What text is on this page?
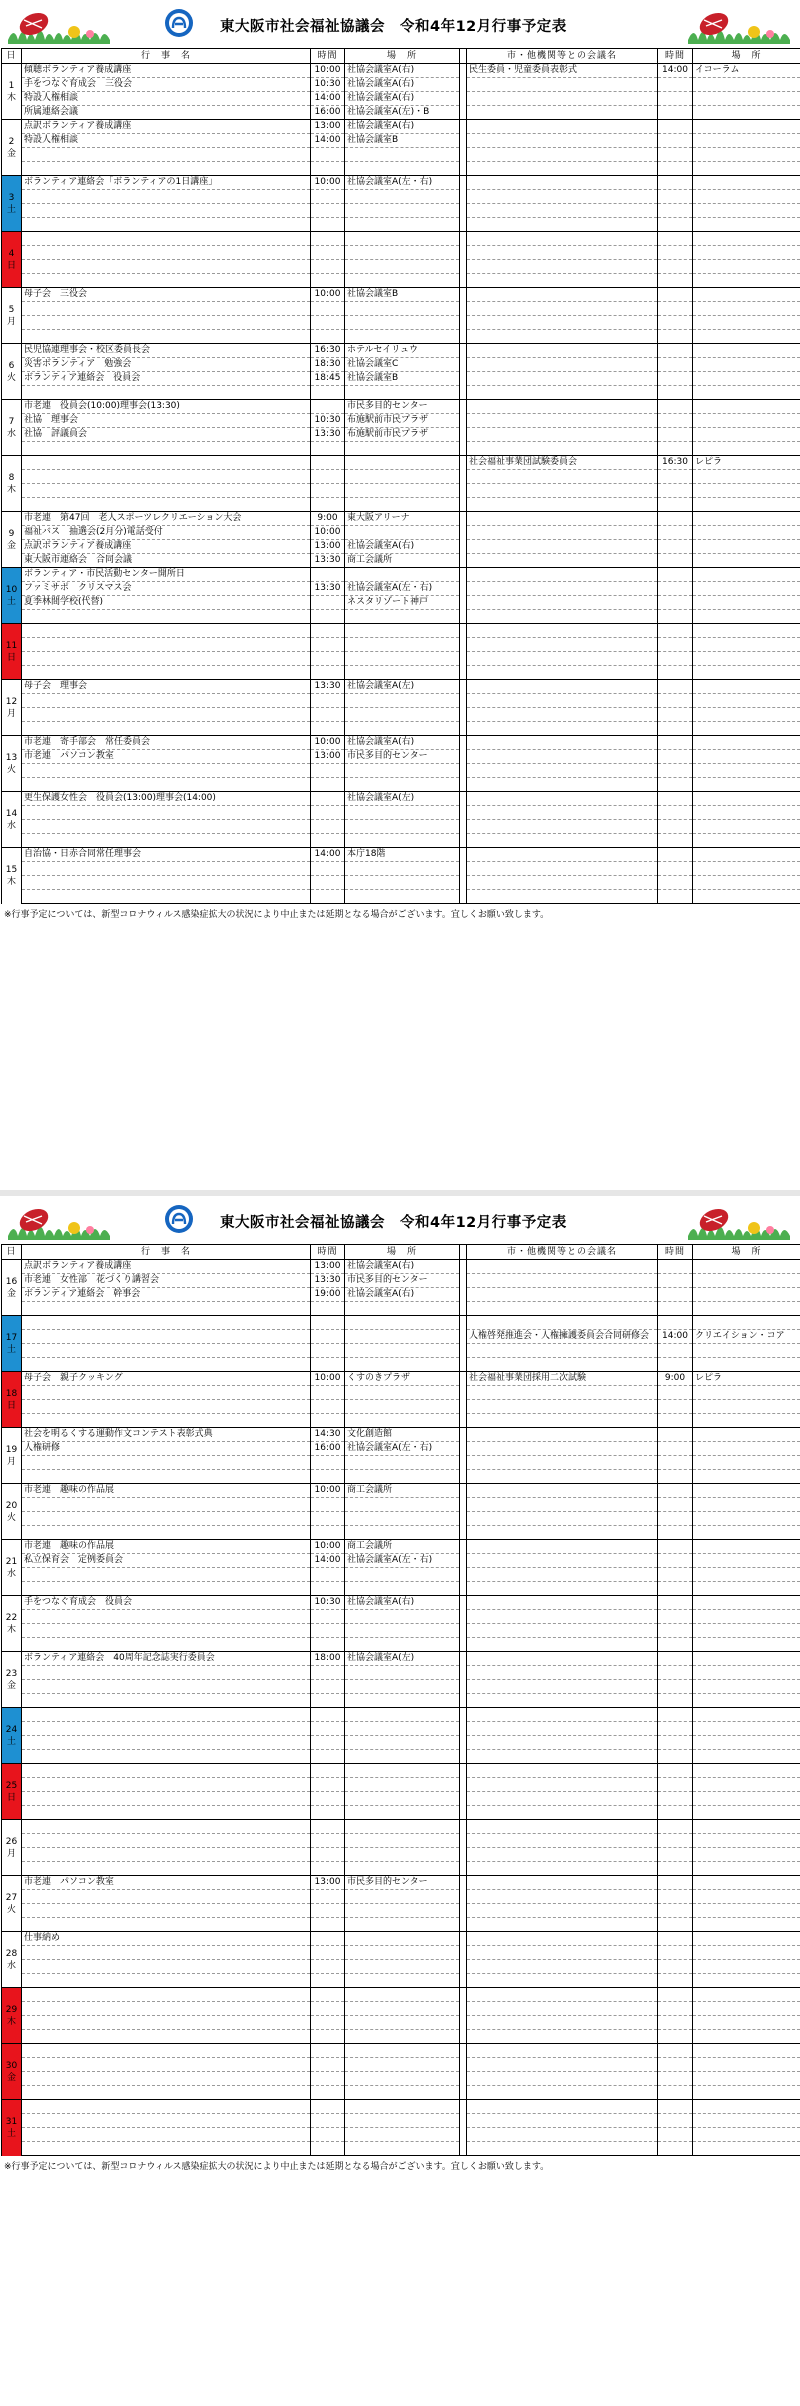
東大阪市社会福祉協議会　令和4年12月行事予定表
日	行　事　名	時間	場　所		市・他機関等との会議名	時間	場　所
1
木	傾聴ボランティア養成講座	10:00	社協会議室A(右)		民生委員・児童委員表彰式	14:00	イコーラム
	手をつなぐ育成会　三役会	10:30	社協会議室A(右)				
	特設人権相談	14:00	社協会議室A(右)				
	所属連絡会議	16:00	社協会議室A(左)・B				
2
金	点訳ボランティア養成講座	13:00	社協会議室A(右)				
	特設人権相談	14:00	社協会議室B				

3
土	ボランティア連絡会「ボランティアの1日講座」	10:00	社協会議室A(左・右)				

4
日							

5
月	母子会　三役会	10:00	社協会議室B				

6
火	民児協連理事会・校区委員長会	16:30	ホテルセイリュウ				
	災害ボランティア　勉強会	18:30	社協会議室C				
	ボランティア連絡会　役員会	18:45	社協会議室B				

7
水	市老連　役員会(10:00)理事会(13:30)		市民多目的センター				
	社協　理事会	10:30	布施駅前市民プラザ				
	社協　評議員会	13:30	布施駅前市民プラザ				

8
木					社会福祉事業団試験委員会	16:30	レピラ

9
金	市老連　第47回　老人スポーツレクリエーション大会	9:00	東大阪アリーナ				
	福祉バス　抽選会(2月分)電話受付	10:00					
	点訳ボランティア養成講座	13:00	社協会議室A(右)				
	東大阪市連絡会　合同会議	13:30	商工会議所				
10
土	ボランティア・市民活動センター開所日						
	ファミサポ　クリスマス会	13:30	社協会議室A(左・右)				
	夏季林間学校(代替)		ネスタリゾート神戸				

11
日							

12
月	母子会　理事会	13:30	社協会議室A(左)				

13
火	市老連　寄手部会　常任委員会	10:00	社協会議室A(右)				
	市老連　パソコン教室	13:00	市民多目的センター				

14
水	更生保護女性会　役員会(13:00)理事会(14:00)		社協会議室A(左)				

15
木	自治協・日赤合同常任理事会	14:00	本庁18階				

※行事予定については、新型コロナウィルス感染症拡大の状況により中止または延期となる場合がございます。宜しくお願い致します。
東大阪市社会福祉協議会　令和4年12月行事予定表
日	行　事　名	時間	場　所		市・他機関等との会議名	時間	場　所
16
金	点訳ボランティア養成講座	13:00	社協会議室A(右)				
	市老連　女性部　花づくり講習会	13:30	市民多目的センター				
	ボランティア連絡会　幹事会	19:00	社協会議室A(右)				

17
土							
					人権啓発推進会・人権擁護委員会合同研修会	14:00	クリエイション・コア

18
日	母子会　親子クッキング	10:00	くすのきプラザ		社会福祉事業団採用二次試験	9:00	レピラ

19
月	社会を明るくする運動作文コンテスト表彰式典	14:30	文化創造館				
	人権研修	16:00	社協会議室A(左・右)				

20
火	市老連　趣味の作品展	10:00	商工会議所				

21
水	市老連　趣味の作品展	10:00	商工会議所				
	私立保育会　定例委員会	14:00	社協会議室A(左・右)				

22
木	手をつなぐ育成会　役員会	10:30	社協会議室A(右)				

23
金	ボランティア連絡会　40周年記念誌実行委員会	18:00	社協会議室A(左)				

24
土							

25
日							

26
月							

27
火	市老連　パソコン教室	13:00	市民多目的センター				

28
水	仕事納め						

29
木							

30
金							

31
土							

※行事予定については、新型コロナウィルス感染症拡大の状況により中止または延期となる場合がございます。宜しくお願い致します。
